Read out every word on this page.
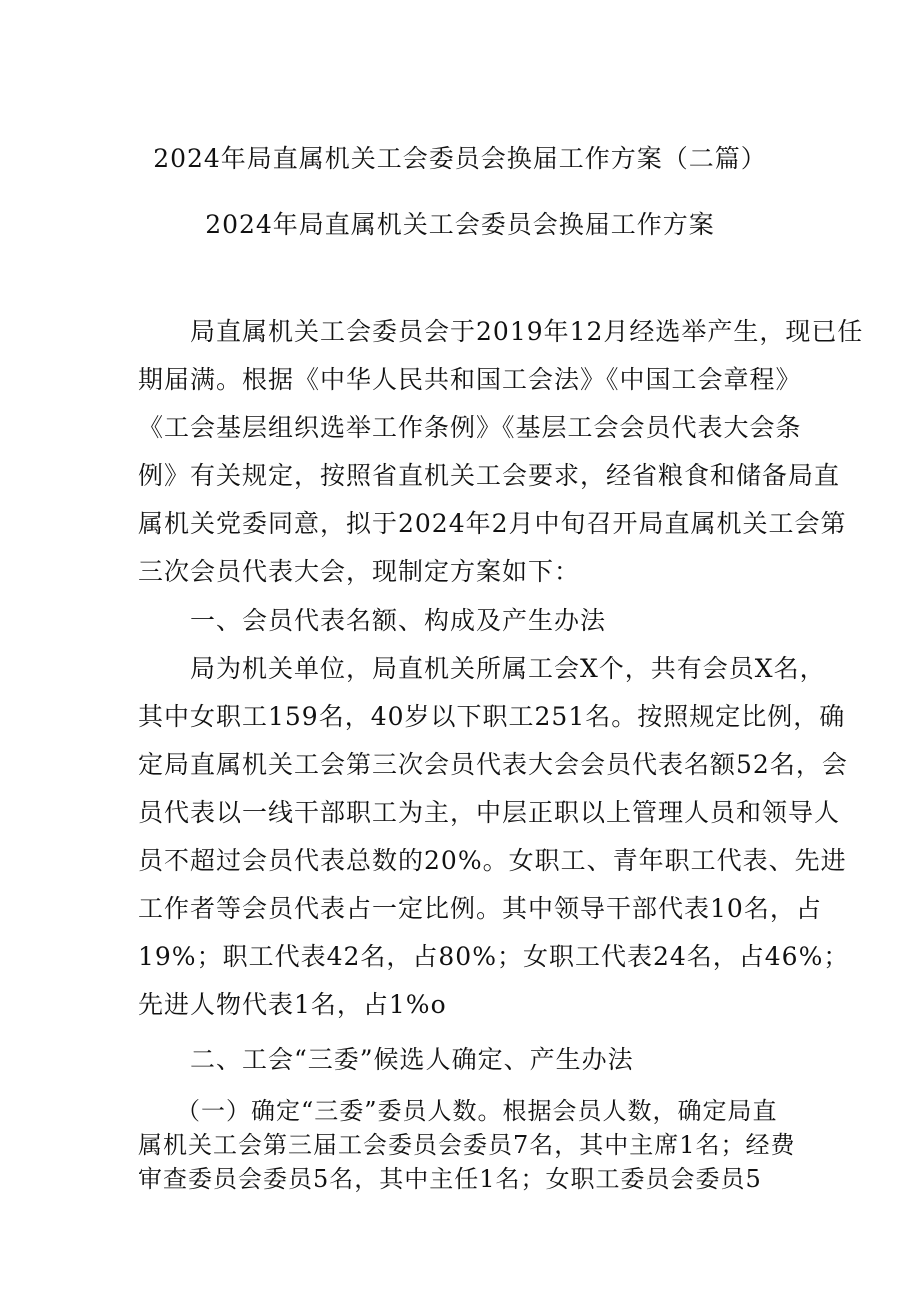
2024年局直属机关工会委员会换届工作方案（二篇）
2024年局直属机关工会委员会换届工作方案
　　局直属机关工会委员会于2019年12月经选举产生，现已任
期届满。根据《中华人民共和国工会法》《中国工会章程》
《工会基层组织选举工作条例》《基层工会会员代表大会条
例》有关规定，按照省直机关工会要求，经省粮食和储备局直
属机关党委同意，拟于2024年2月中旬召开局直属机关工会第
三次会员代表大会，现制定方案如下：
　　一、会员代表名额、构成及产生办法
　　局为机关单位，局直机关所属工会X个，共有会员X名，
其中女职工159名，40岁以下职工251名。按照规定比例，确
定局直属机关工会第三次会员代表大会会员代表名额52名，会
员代表以一线干部职工为主，中层正职以上管理人员和领导人
员不超过会员代表总数的20%。女职工、青年职工代表、先进
工作者等会员代表占一定比例。其中领导干部代表10名，占
19%；职工代表42名，占80%；女职工代表24名，占46%；
先进人物代表1名，占1%o
　　二、工会“三委”候选人确定、产生办法
　　（一）确定“三委”委员人数。根据会员人数，确定局直
属机关工会第三届工会委员会委员7名，其中主席1名；经费
审查委员会委员5名，其中主任1名；女职工委员会委员5
